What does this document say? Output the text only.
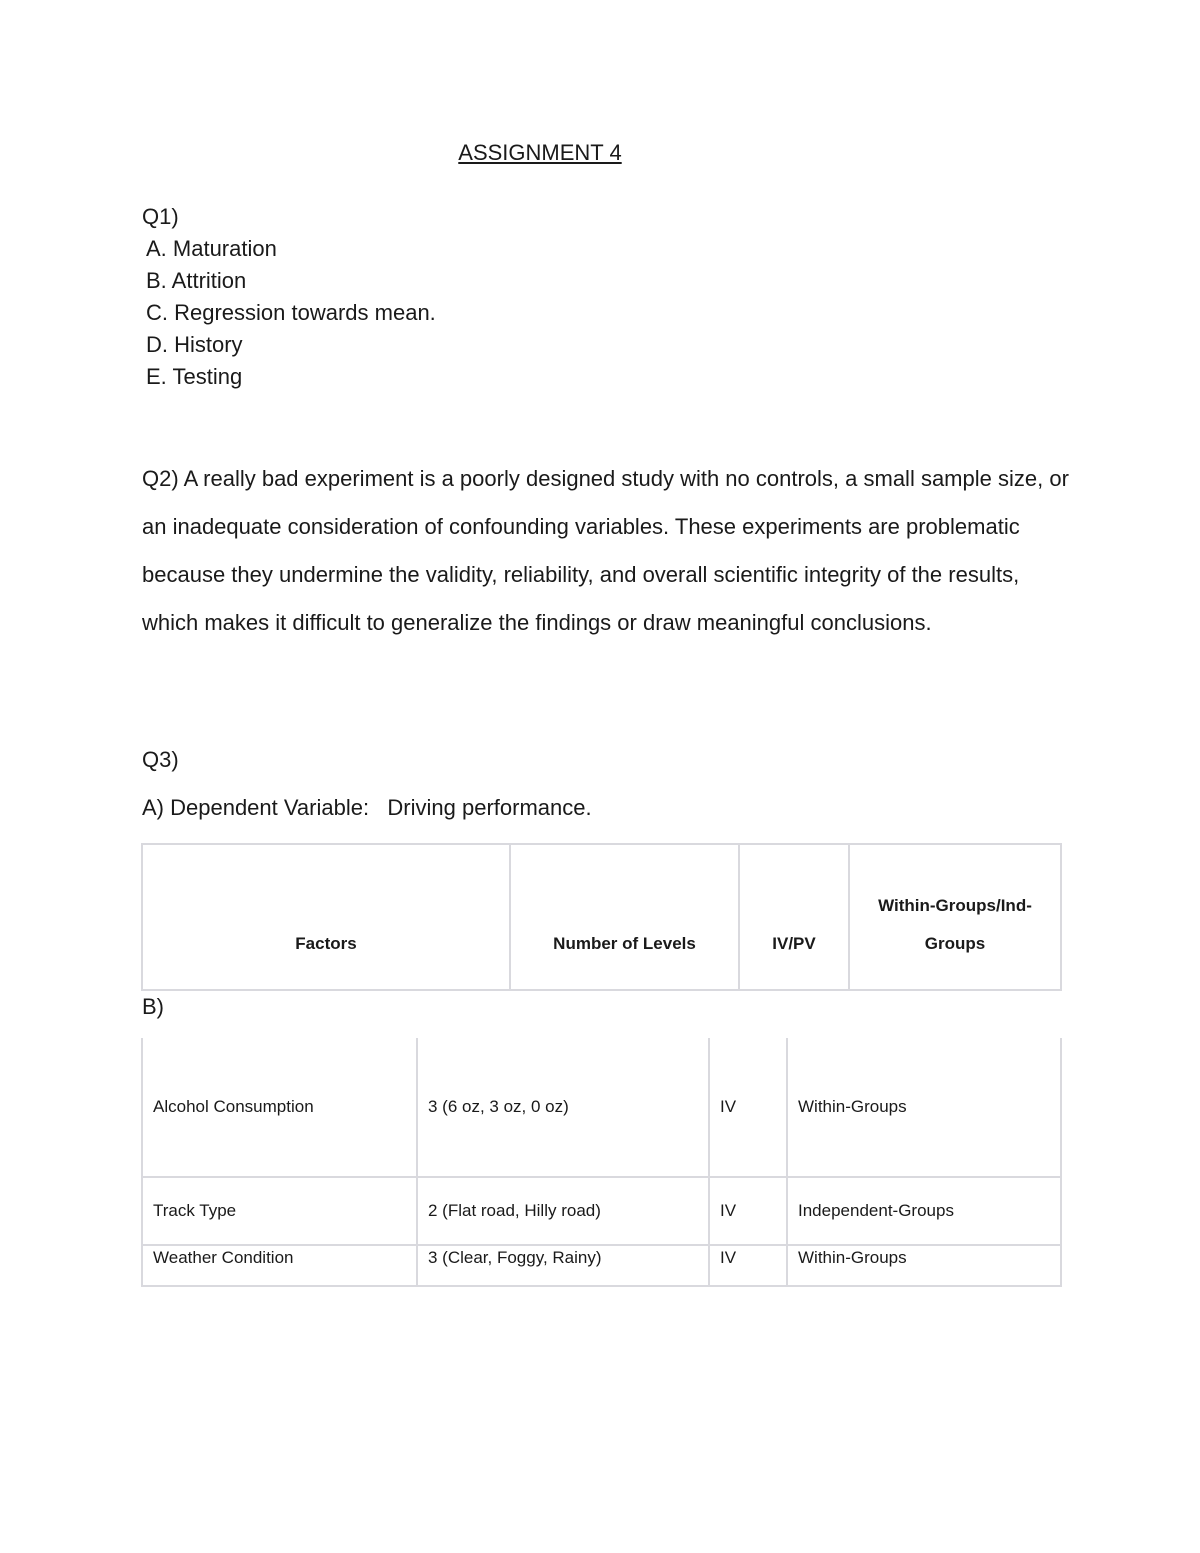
ASSIGNMENT 4
Q1)
A. Maturation
B. Attrition
C. Regression towards mean.
D. History
E. Testing
Q2) A really bad experiment is a poorly designed study with no controls, a small sample size, or an inadequate consideration of confounding variables. These experiments are problematic because they undermine the validity, reliability, and overall scientific integrity of the results, which makes it difficult to generalize the findings or draw meaningful conclusions.
Q3)
A) Dependent Variable:   Driving performance.
Factors	Number of Levels	IV/PV	Within-Groups/Ind-Groups
B)
Alcohol Consumption	3 (6 oz, 3 oz, 0 oz)	IV	Within-Groups
Track Type	2 (Flat road, Hilly road)	IV	Independent-Groups
Weather Condition	3 (Clear, Foggy, Rainy)	IV	Within-Groups
